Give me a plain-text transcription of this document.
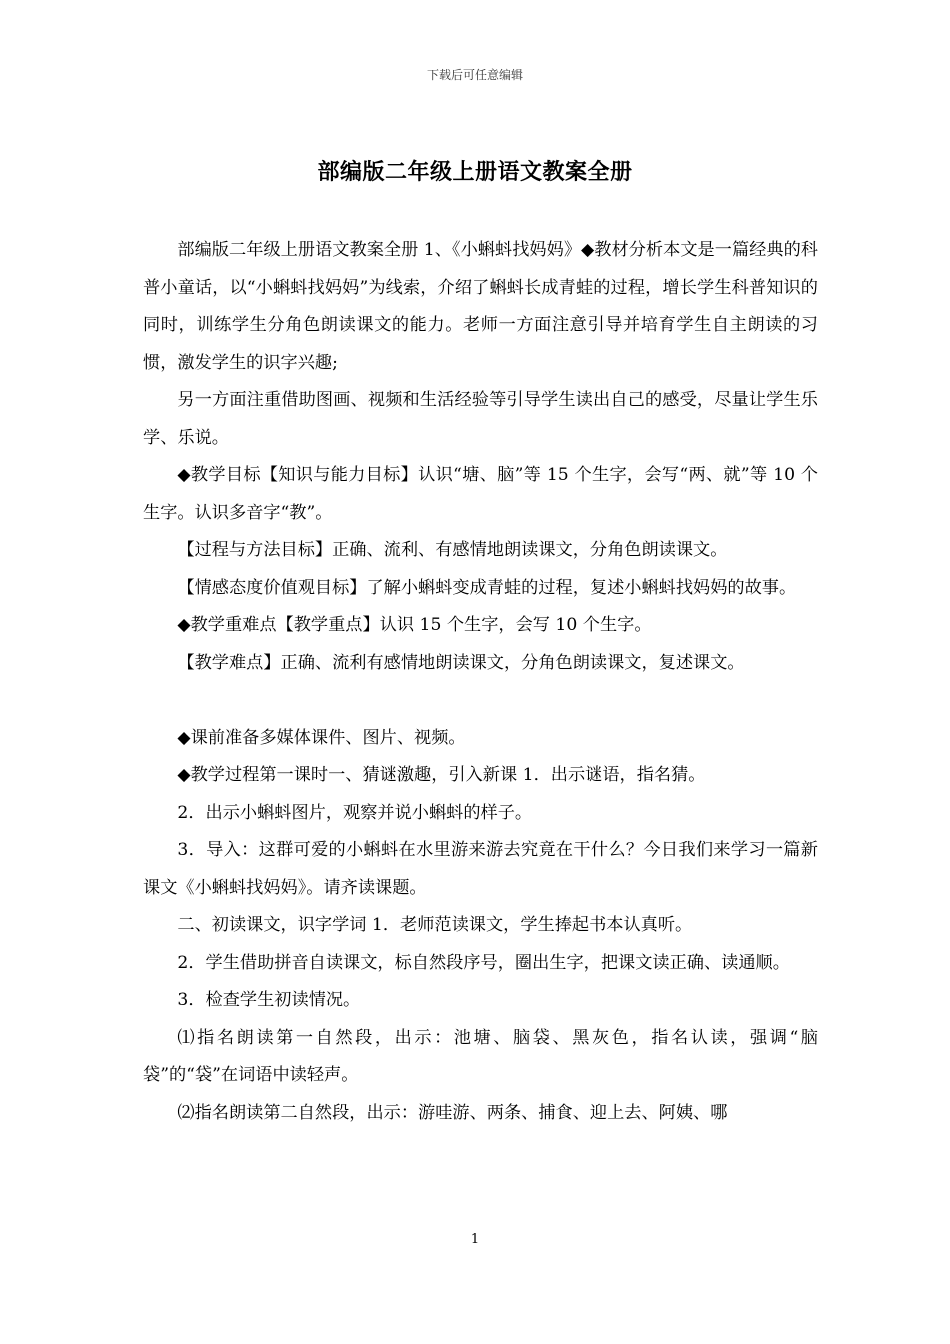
下载后可任意编辑
部编版二年级上册语文教案全册

部编版二年级上册语文教案全册 1、《小蝌蚪找妈妈》◆教材分析本文是一篇经典的科普小童话，以“小蝌蚪找妈妈”为线索，介绍了蝌蚪长成青蛙的过程，增长学生科普知识的同时，训练学生分角色朗读课文的能力。老师一方面注意引导并培育学生自主朗读的习惯，激发学生的识字兴趣;

另一方面注重借助图画、视频和生活经验等引导学生读出自己的感受，尽量让学生乐学、乐说。

◆教学目标【知识与能力目标】认识“塘、脑”等 15 个生字，会写“两、就”等 10 个生字。认识多音字“教”。

【过程与方法目标】正确、流利、有感情地朗读课文，分角色朗读课文。

【情感态度价值观目标】了解小蝌蚪变成青蛙的过程，复述小蝌蚪找妈妈的故事。

◆教学重难点【教学重点】认识 15 个生字，会写 10 个生字。

【教学难点】正确、流利有感情地朗读课文，分角色朗读课文，复述课文。

◆课前准备多媒体课件、图片、视频。

◆教学过程第一课时一、猜谜激趣，引入新课 1．出示谜语，指名猜。

2．出示小蝌蚪图片，观察并说小蝌蚪的样子。

3．导入：这群可爱的小蝌蚪在水里游来游去究竟在干什么？今日我们来学习一篇新课文《小蝌蚪找妈妈》。请齐读课题。

二、初读课文，识字学词 1．老师范读课文，学生捧起书本认真听。

2．学生借助拼音自读课文，标自然段序号，圈出生字，把课文读正确、读通顺。

3．检查学生初读情况。

⑴指名朗读第一自然段，出示：池塘、脑袋、黑灰色，指名认读，强调“脑袋”的“袋”在词语中读轻声。

⑵指名朗读第二自然段，出示：游哇游、两条、捕食、迎上去、阿姨、哪

1
